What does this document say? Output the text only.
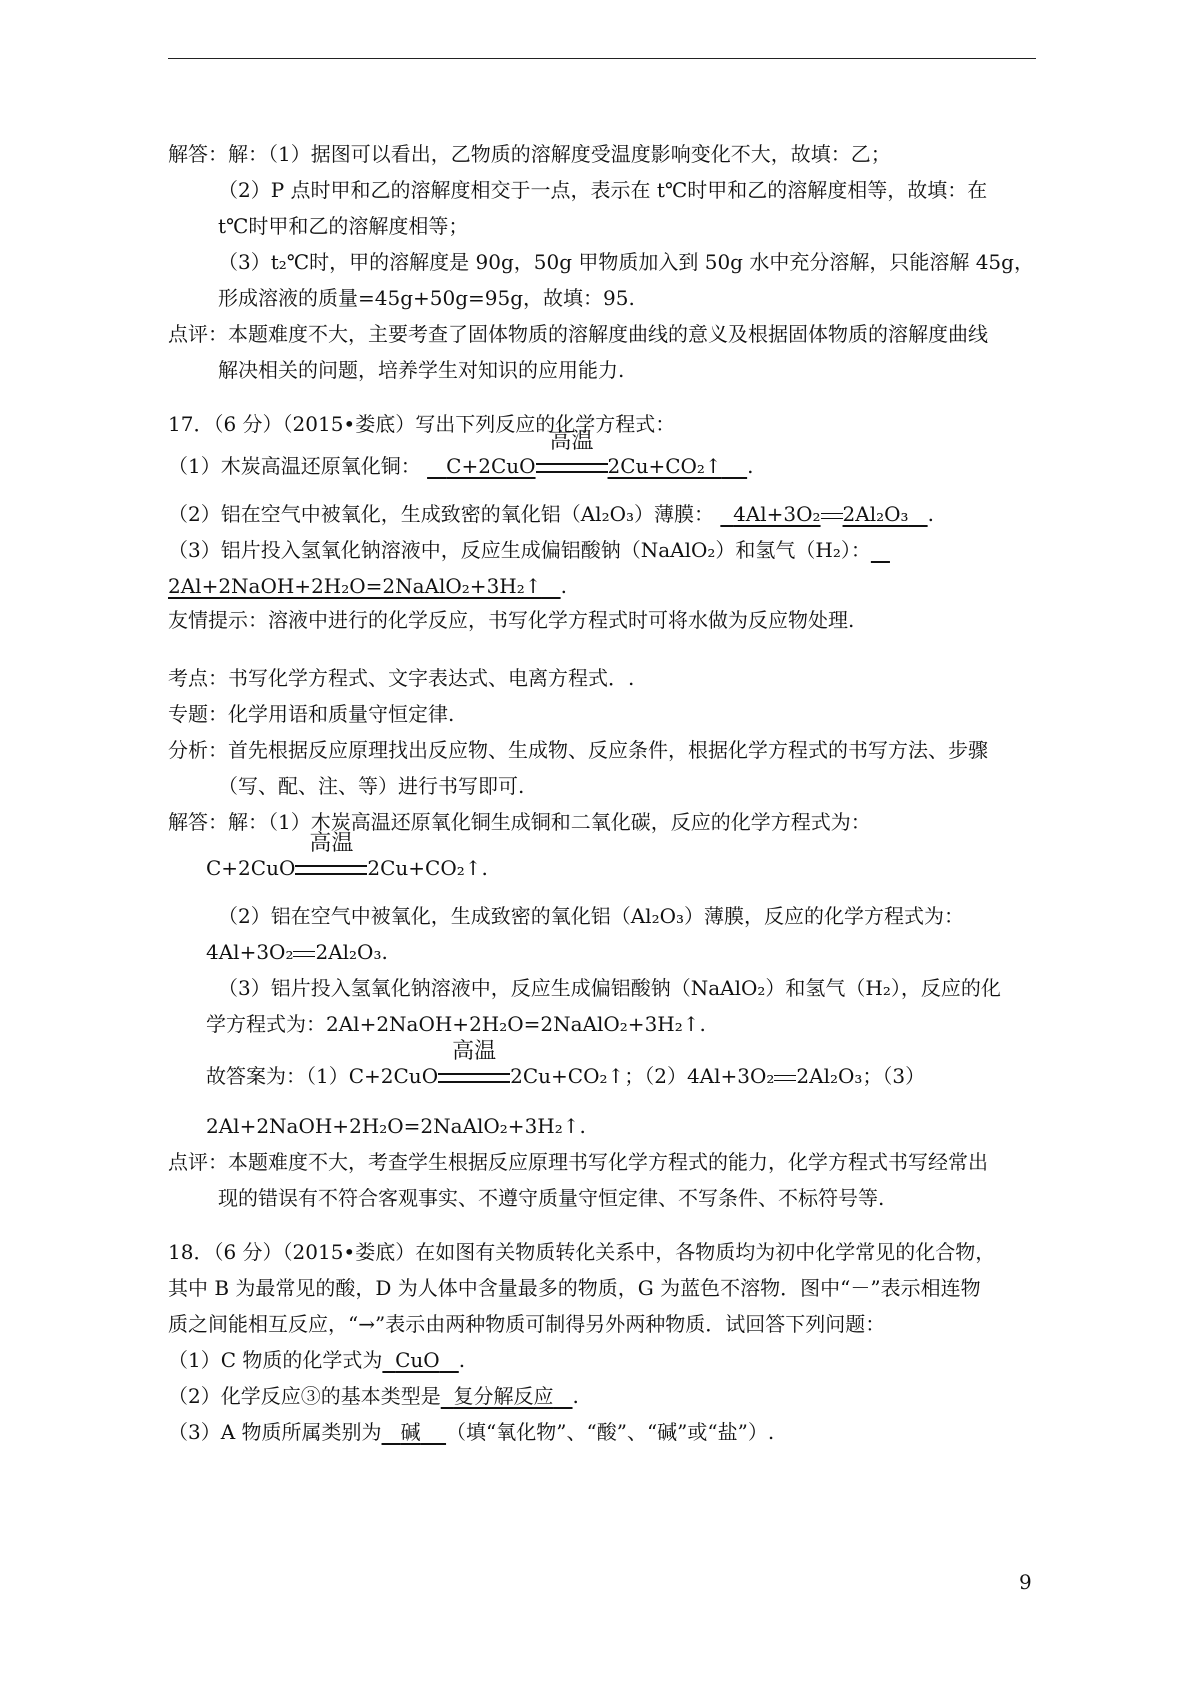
解答：解：（1）据图可以看出，乙物质的溶解度受温度影响变化不大，故填：乙；
（2）P 点时甲和乙的溶解度相交于一点，表示在 t℃时甲和乙的溶解度相等，故填：在
t℃时甲和乙的溶解度相等；
（3）t₂℃时，甲的溶解度是 90g，50g 甲物质加入到 50g 水中充分溶解，只能溶解 45g，
形成溶液的质量=45g+50g=95g，故填：95.
点评：本题难度不大，主要考查了固体物质的溶解度曲线的意义及根据固体物质的溶解度曲线
解决相关的问题，培养学生对知识的应用能力.
17．（6 分）（2015•娄底）写出下列反应的化学方程式：
（1）木炭高温还原氧化铜： C+2CuO
高温
2Cu+CO₂↑ .
（2）铝在空气中被氧化，生成致密的氧化铝（Al₂O₃）薄膜： 4Al+3O₂ 2Al₂O₃ .
（3）铝片投入氢氧化钠溶液中，反应生成偏铝酸钠（NaAlO₂）和氢气（H₂）：
2Al+2NaOH+2H₂O=2NaAlO₂+3H₂↑ .
友情提示：溶液中进行的化学反应，书写化学方程式时可将水做为反应物处理.
考点：书写化学方程式、文字表达式、电离方程式．.
专题：化学用语和质量守恒定律.
分析：首先根据反应原理找出反应物、生成物、反应条件，根据化学方程式的书写方法、步骤
（写、配、注、等）进行书写即可.
解答：解：（1）木炭高温还原氧化铜生成铜和二氧化碳，反应的化学方程式为：
C+2CuO
高温
2Cu+CO₂↑.
（2）铝在空气中被氧化，生成致密的氧化铝（Al₂O₃）薄膜，反应的化学方程式为：
4Al+3O₂ 2Al₂O₃.
（3）铝片投入氢氧化钠溶液中，反应生成偏铝酸钠（NaAlO₂）和氢气（H₂），反应的化
学方程式为：2Al+2NaOH+2H₂O=2NaAlO₂+3H₂↑.
故答案为：（1）C+2CuO
高温
2Cu+CO₂↑；（2）4Al+3O₂ 2Al₂O₃；（3）
2Al+2NaOH+2H₂O=2NaAlO₂+3H₂↑.
点评：本题难度不大，考查学生根据反应原理书写化学方程式的能力，化学方程式书写经常出
现的错误有不符合客观事实、不遵守质量守恒定律、不写条件、不标符号等.
18．（6 分）（2015•娄底）在如图有关物质转化关系中，各物质均为初中化学常见的化合物，
其中 B 为最常见的酸，D 为人体中含量最多的物质，G 为蓝色不溶物．图中“－”表示相连物
质之间能相互反应，“→”表示由两种物质可制得另外两种物质．试回答下列问题：
（1）C 物质的化学式为 CuO .
（2）化学反应③的基本类型是 复分解反应 .
（3）A 物质所属类别为 碱 （填“氧化物”、“酸”、“碱”或“盐”）.
9
